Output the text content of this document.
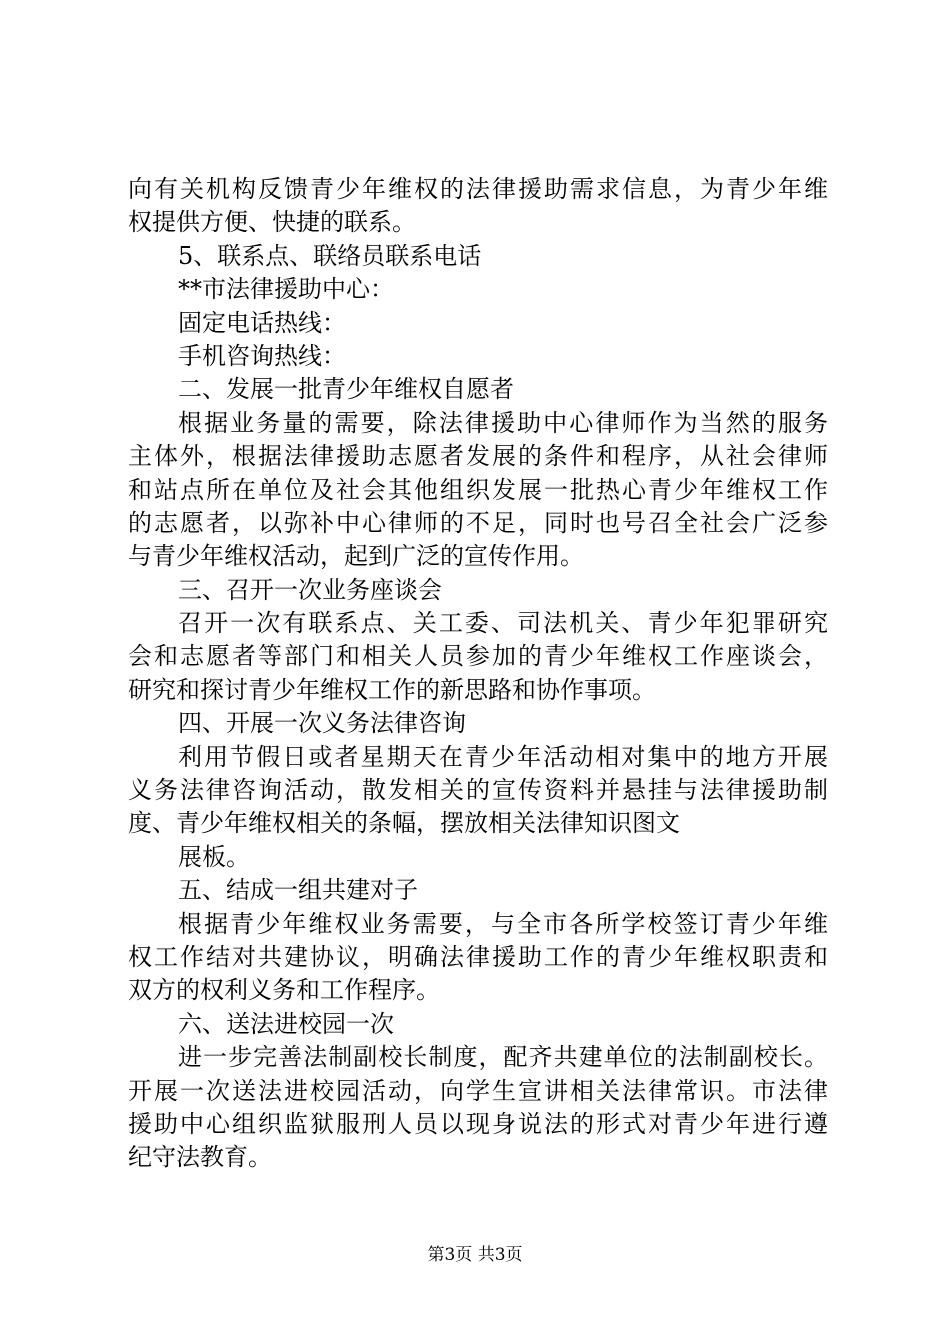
向有关机构反馈青少年维权的法律援助需求信息，为青少年维
权提供方便、快捷的联系。
5、联系点、联络员联系电话
**市法律援助中心：
固定电话热线：
手机咨询热线：
二、发展一批青少年维权自愿者
根据业务量的需要，除法律援助中心律师作为当然的服务
主体外，根据法律援助志愿者发展的条件和程序，从社会律师
和站点所在单位及社会其他组织发展一批热心青少年维权工作
的志愿者，以弥补中心律师的不足，同时也号召全社会广泛参
与青少年维权活动，起到广泛的宣传作用。
三、召开一次业务座谈会
召开一次有联系点、关工委、司法机关、青少年犯罪研究
会和志愿者等部门和相关人员参加的青少年维权工作座谈会，
研究和探讨青少年维权工作的新思路和协作事项。
四、开展一次义务法律咨询
利用节假日或者星期天在青少年活动相对集中的地方开展
义务法律咨询活动，散发相关的宣传资料并悬挂与法律援助制
度、青少年维权相关的条幅，摆放相关法律知识图文
展板。
五、结成一组共建对子
根据青少年维权业务需要，与全市各所学校签订青少年维
权工作结对共建协议，明确法律援助工作的青少年维权职责和
双方的权利义务和工作程序。
六、送法进校园一次
进一步完善法制副校长制度，配齐共建单位的法制副校长。
开展一次送法进校园活动，向学生宣讲相关法律常识。市法律
援助中心组织监狱服刑人员以现身说法的形式对青少年进行遵
纪守法教育。
第3页 共3页
